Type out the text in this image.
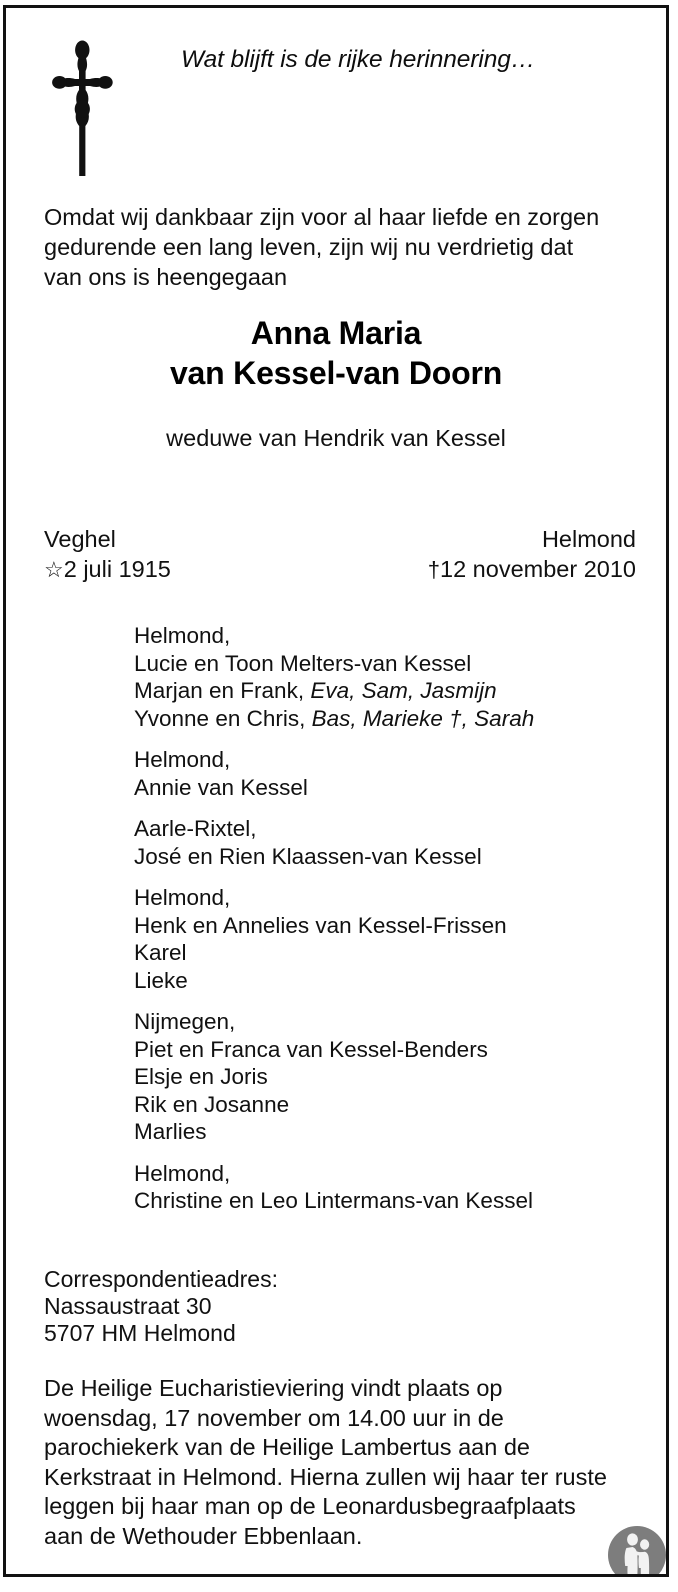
Wat blijft is de rijke herinnering…
Omdat wij dankbaar zijn voor al haar liefde en zorgen
gedurende een lang leven, zijn wij nu verdrietig dat
van ons is heengegaan
Anna Maria
van Kessel-van Doorn
weduwe van Hendrik van Kessel
Veghel	Helmond
☆2 juli 1915	†12 november 2010
Helmond,
Lucie en Toon Melters-van Kessel
Marjan en Frank, Eva, Sam, Jasmijn
Yvonne en Chris, Bas, Marieke †, Sarah
Helmond,
Annie van Kessel
Aarle-Rixtel,
José en Rien Klaassen-van Kessel
Helmond,
Henk en Annelies van Kessel-Frissen
Karel
Lieke
Nijmegen,
Piet en Franca van Kessel-Benders
Elsje en Joris
Rik en Josanne
Marlies
Helmond,
Christine en Leo Lintermans-van Kessel
Correspondentieadres:
Nassaustraat 30
5707 HM Helmond
De Heilige Eucharistieviering vindt plaats op
woensdag, 17 november om 14.00 uur in de
parochiekerk van de Heilige Lambertus aan de
Kerkstraat in Helmond. Hierna zullen wij haar ter ruste
leggen bij haar man op de Leonardusbegraafplaats
aan de Wethouder Ebbenlaan.
